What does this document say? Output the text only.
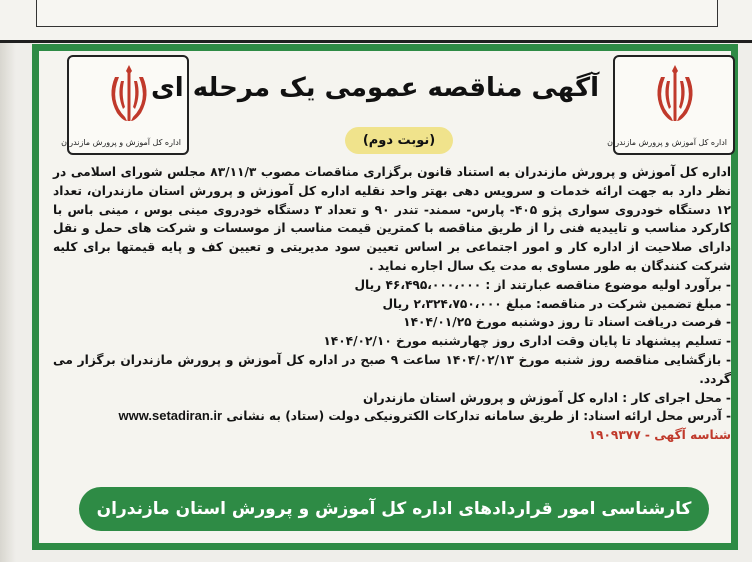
اداره کل آموزش و پرورش مازندران	اداره کل آموزش و پرورش مازندران
آگهی مناقصه عمومی یک مرحله ای
(نوبت دوم)

اداره کل آموزش و پرورش مازندران به استناد قانون برگزاری مناقصات مصوب ۸۳/۱۱/۳ مجلس شورای اسلامی در نظر دارد به جهت ارائه خدمات و سرویس دهی بهتر واحد نقلیه اداره کل آموزش و پرورش استان مازندران، تعداد ۱۲ دستگاه خودروی سواری پژو ۴۰۵- پارس- سمند- تندر ۹۰ و تعداد ۳ دستگاه خودروی مینی بوس ، مینی باس با کارکرد مناسب و تاییدیه فنی را از طریق مناقصه با کمترین قیمت مناسب از موسسات و شرکت های حمل و نقل دارای صلاحیت از اداره کار و امور اجتماعی بر اساس تعیین سود مدیریتی و تعیین کف و پایه قیمتها برای کلیه شرکت کنندگان به طور مساوی به مدت یک سال اجاره نماید .

- برآورد اولیه موضوع مناقصه عبارتند از : ۴۶،۴۹۵،۰۰۰،۰۰۰ ریال
- مبلغ تضمین شرکت در مناقصه: مبلغ ۲،۳۲۴،۷۵۰،۰۰۰ ریال
- فرصت دریافت اسناد تا روز دوشنبه مورخ ۱۴۰۴/۰۱/۲۵
- تسلیم پیشنهاد تا پایان وقت اداری روز چهارشنبه مورخ ۱۴۰۴/۰۲/۱۰
- بازگشایی مناقصه روز شنبه مورخ ۱۴۰۴/۰۲/۱۳ ساعت ۹ صبح در اداره کل آموزش و پرورش مازندران برگزار می گردد.
- محل اجرای کار : اداره کل آموزش و پرورش استان مازندران
- آدرس محل ارائه اسناد: از طریق سامانه تدارکات الکترونیکی دولت (ستاد) به نشانی www.setadiran.ir
شناسه آگهی - ۱۹۰۹۳۷۷
کارشناسی امور قراردادهای اداره کل آموزش و پرورش استان مازندران
